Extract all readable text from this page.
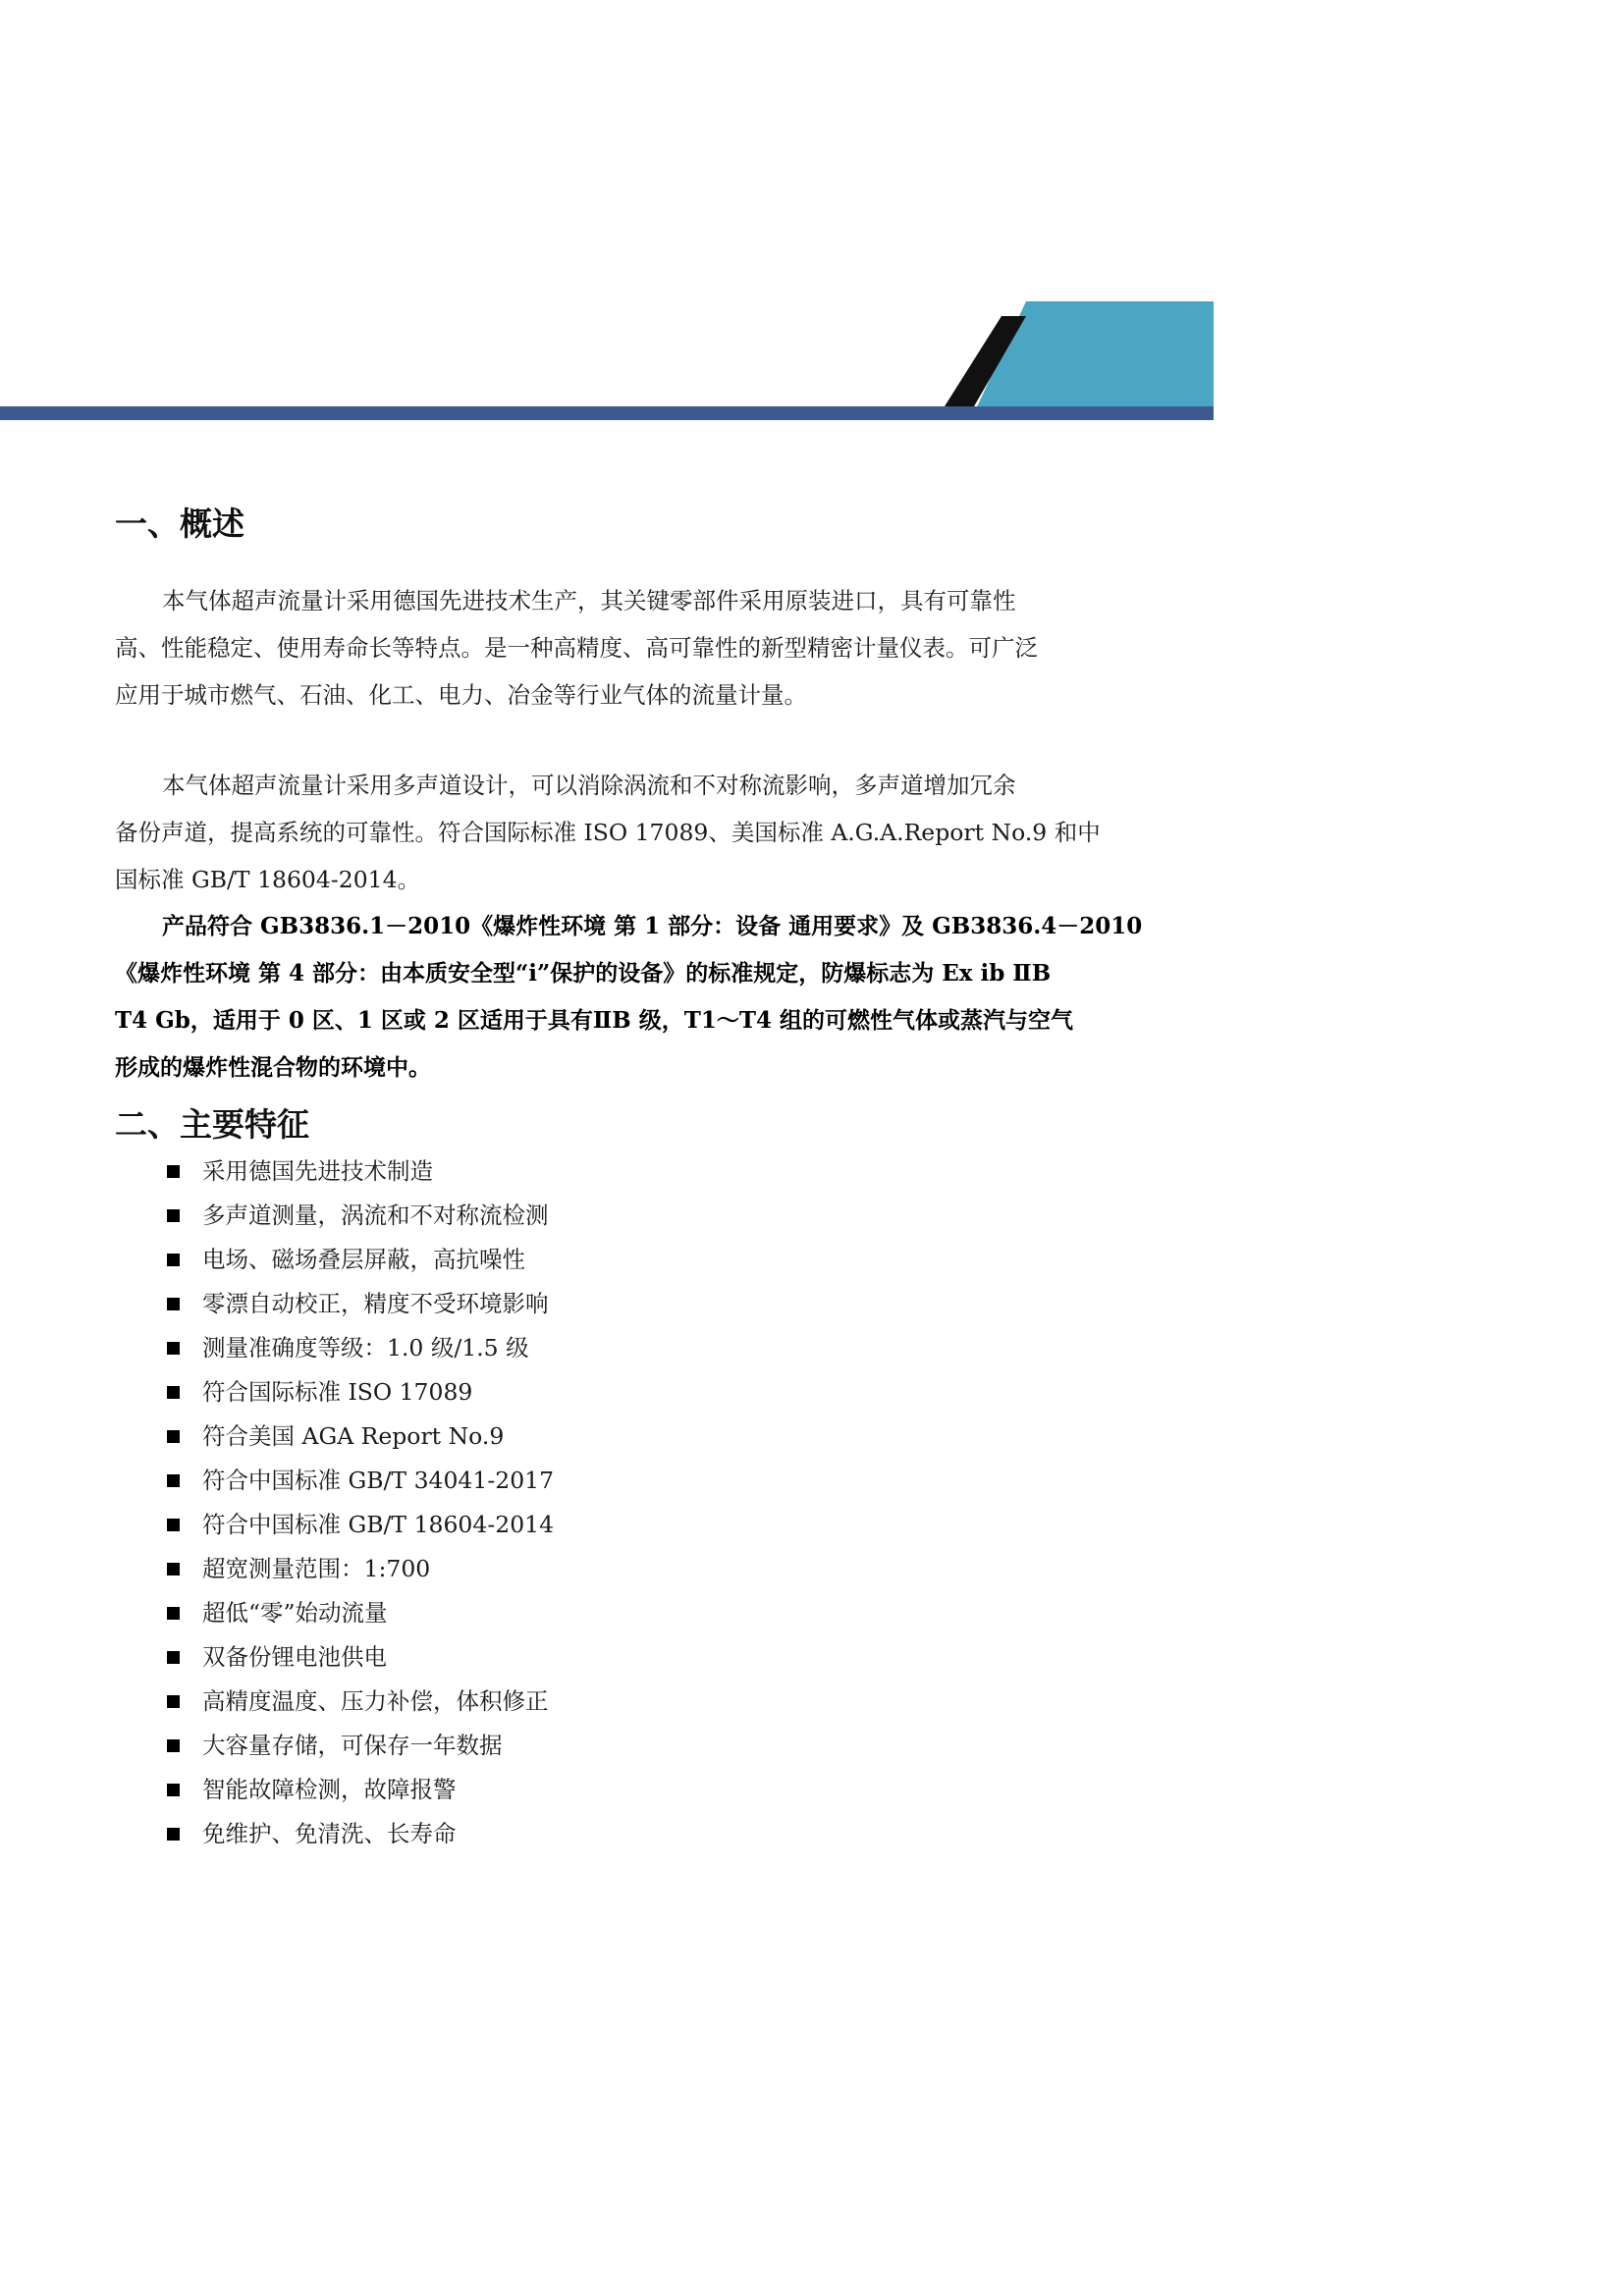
一、概述
本气体超声流量计采用德国先进技术生产，其关键零部件采用原装进口，具有可靠性
高、性能稳定、使用寿命长等特点。是一种高精度、高可靠性的新型精密计量仪表。可广泛
应用于城市燃气、石油、化工、电力、冶金等行业气体的流量计量。
本气体超声流量计采用多声道设计，可以消除涡流和不对称流影响，多声道增加冗余
备份声道，提高系统的可靠性。符合国际标准 ISO 17089、美国标准 A.G.A.Report No.9 和中
国标准 GB/T 18604-2014。
产品符合 GB3836.1－2010《爆炸性环境 第 1 部分：设备 通用要求》及 GB3836.4－2010
《爆炸性环境 第 4 部分：由本质安全型“i”保护的设备》的标准规定，防爆标志为 Ex ib ⅡB
T4 Gb，适用于 0 区、1 区或 2 区适用于具有ⅡB 级，T1～T4 组的可燃性气体或蒸汽与空气
形成的爆炸性混合物的环境中。
二、主要特征
采用德国先进技术制造
多声道测量，涡流和不对称流检测
电场、磁场叠层屏蔽，高抗噪性
零漂自动校正，精度不受环境影响
测量准确度等级：1.0 级/1.5 级
符合国际标准 ISO 17089
符合美国 AGA Report No.9
符合中国标准 GB/T 34041-2017
符合中国标准 GB/T 18604-2014
超宽测量范围：1:700
超低“零”始动流量
双备份锂电池供电
高精度温度、压力补偿，体积修正
大容量存储，可保存一年数据
智能故障检测，故障报警
免维护、免清洗、长寿命
